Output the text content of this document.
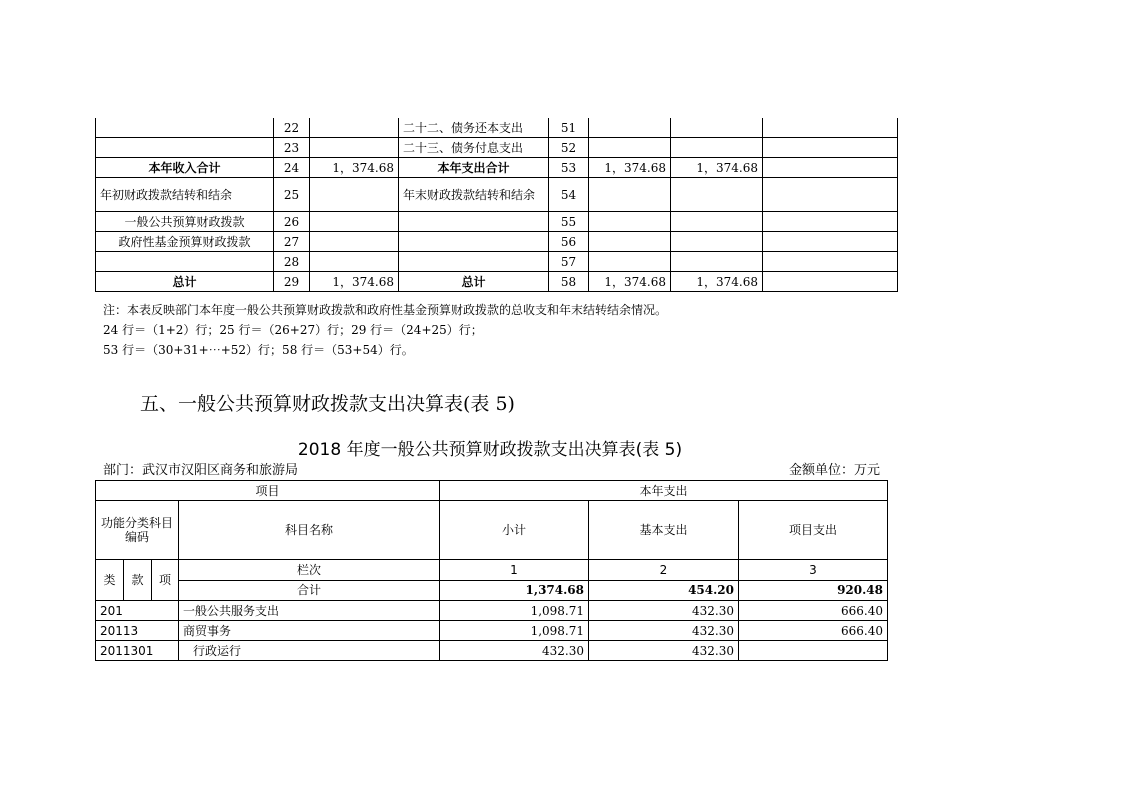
	22		二十二、债务还本支出	51			
	23		二十三、债务付息支出	52			
本年收入合计	24	1，374.68	本年支出合计	53	1，374.68	1，374.68	
年初财政拨款结转和结余	25		年末财政拨款结转和结余	54			
一般公共预算财政拨款	26			55			
政府性基金预算财政拨款	27			56			
	28			57			
总计	29	1，374.68	总计	58	1，374.68	1，374.68	
注：本表反映部门本年度一般公共预算财政拨款和政府性基金预算财政拨款的总收支和年末结转结余情况。
24 行＝（1+2）行；25 行＝（26+27）行；29 行＝（24+25）行；
53 行＝（30+31+⋯+52）行；58 行＝（53+54）行。
五、一般公共预算财政拨款支出决算表(表 5)
2018 年度一般公共预算财政拨款支出决算表(表 5)
部门：武汉市汉阳区商务和旅游局	金额单位：万元
项目				本年支出		
功能分类科目编码			科目名称	小计	基本支出	项目支出
类	款	项	栏次	1	2	3
			合计	1,374.68	454.20	920.48
201			一般公共服务支出	1,098.71	432.30	666.40
20113			商贸事务	1,098.71	432.30	666.40
2011301			行政运行	432.30	432.30	
